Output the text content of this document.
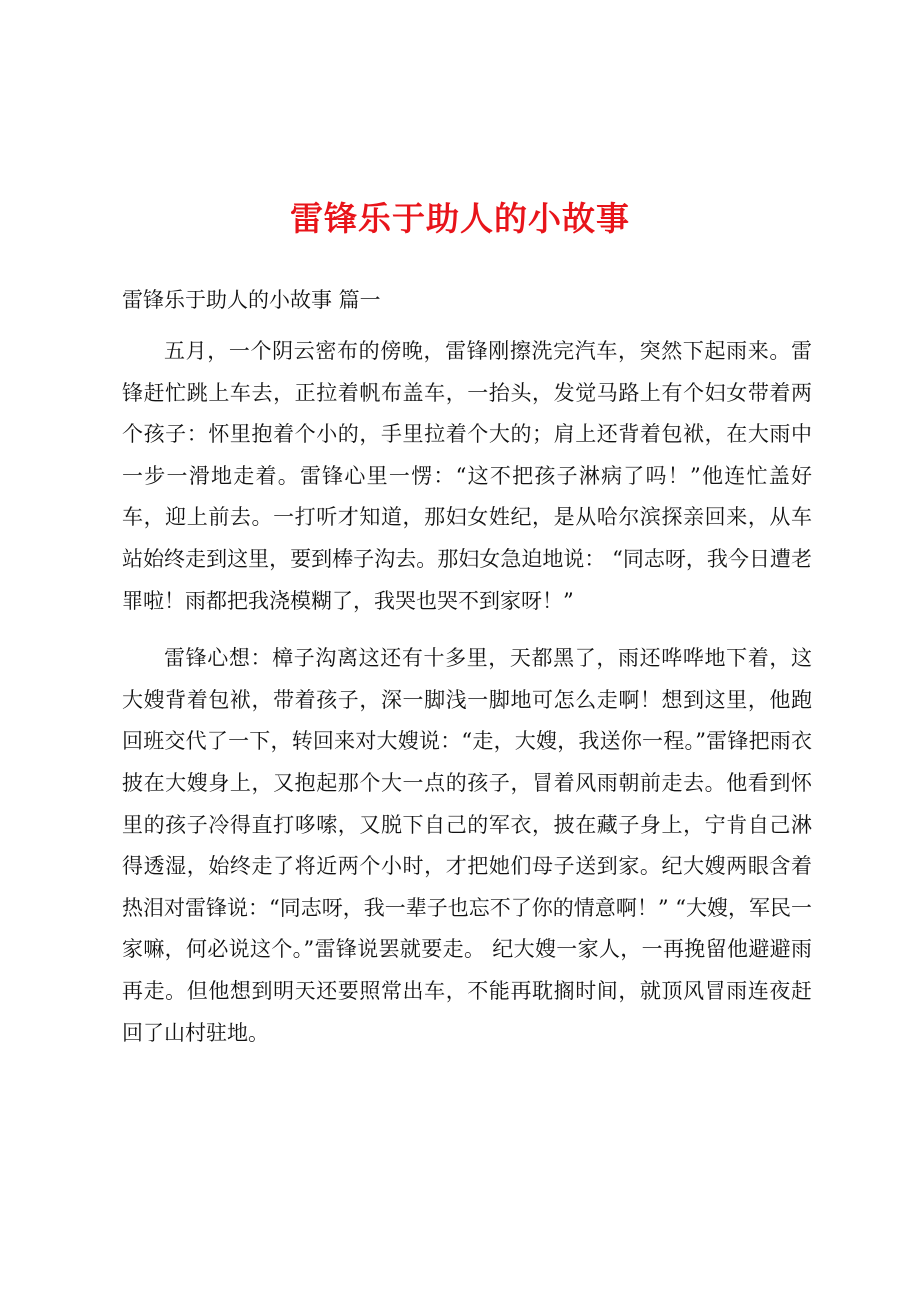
雷锋乐于助人的小故事

雷锋乐于助人的小故事 篇一

五月，一个阴云密布的傍晚，雷锋刚擦洗完汽车，突然下起雨来。雷锋赶忙跳上车去，正拉着帆布盖车，一抬头，发觉马路上有个妇女带着两个孩子：怀里抱着个小的，手里拉着个大的；肩上还背着包袱，在大雨中一步一滑地走着。雷锋心里一愣：“这不把孩子淋病了吗！”他连忙盖好车，迎上前去。一打听才知道，那妇女姓纪，是从哈尔滨探亲回来，从车站始终走到这里，要到棒子沟去。那妇女急迫地说： “同志呀，我今日遭老罪啦！雨都把我浇模糊了，我哭也哭不到家呀！”

雷锋心想：樟子沟离这还有十多里，天都黑了，雨还哗哗地下着，这大嫂背着包袱，带着孩子，深一脚浅一脚地可怎么走啊！想到这里，他跑回班交代了一下，转回来对大嫂说：“走，大嫂，我送你一程。”雷锋把雨衣披在大嫂身上，又抱起那个大一点的孩子，冒着风雨朝前走去。他看到怀里的孩子冷得直打哆嗦，又脱下自己的军衣，披在藏子身上，宁肯自己淋得透湿，始终走了将近两个小时，才把她们母子送到家。纪大嫂两眼含着热泪对雷锋说：“同志呀，我一辈子也忘不了你的情意啊！” “大嫂，军民一家嘛，何必说这个。”雷锋说罢就要走。 纪大嫂一家人，一再挽留他避避雨再走。但他想到明天还要照常出车，不能再耽搁时间，就顶风冒雨连夜赶回了山村驻地。
